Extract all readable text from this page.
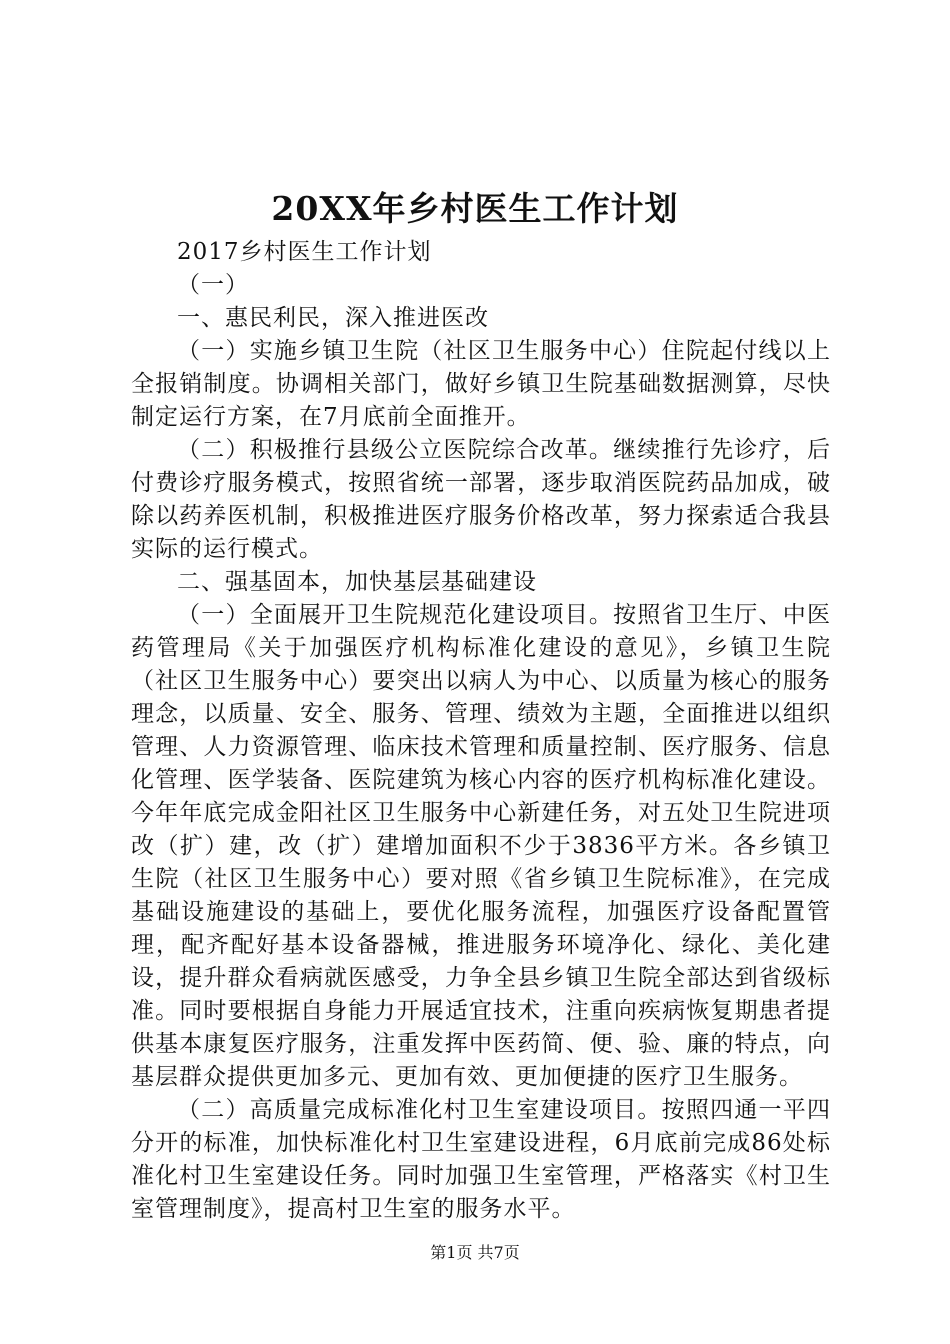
20XX年乡村医生工作计划

2017乡村医生工作计划

（一）

一、惠民利民，深入推进医改

（一）实施乡镇卫生院（社区卫生服务中心）住院起付线以上全报销制度。协调相关部门，做好乡镇卫生院基础数据测算，尽快制定运行方案，在7月底前全面推开。

（二）积极推行县级公立医院综合改革。继续推行先诊疗，后付费诊疗服务模式，按照省统一部署，逐步取消医院药品加成，破除以药养医机制，积极推进医疗服务价格改革，努力探索适合我县实际的运行模式。

二、强基固本，加快基层基础建设

（一）全面展开卫生院规范化建设项目。按照省卫生厅、中医药管理局《关于加强医疗机构标准化建设的意见》，乡镇卫生院（社区卫生服务中心）要突出以病人为中心、以质量为核心的服务理念，以质量、安全、服务、管理、绩效为主题，全面推进以组织管理、人力资源管理、临床技术管理和质量控制、医疗服务、信息化管理、医学装备、医院建筑为核心内容的医疗机构标准化建设。今年年底完成金阳社区卫生服务中心新建任务，对五处卫生院进项改（扩）建，改（扩）建增加面积不少于3836平方米。各乡镇卫生院（社区卫生服务中心）要对照《省乡镇卫生院标准》，在完成基础设施建设的基础上，要优化服务流程，加强医疗设备配置管理，配齐配好基本设备器械，推进服务环境净化、绿化、美化建设，提升群众看病就医感受，力争全县乡镇卫生院全部达到省级标准。同时要根据自身能力开展适宜技术，注重向疾病恢复期患者提供基本康复医疗服务，注重发挥中医药简、便、验、廉的特点，向基层群众提供更加多元、更加有效、更加便捷的医疗卫生服务。

（二）高质量完成标准化村卫生室建设项目。按照四通一平四分开的标准，加快标准化村卫生室建设进程，6月底前完成86处标准化村卫生室建设任务。同时加强卫生室管理，严格落实《村卫生室管理制度》，提高村卫生室的服务水平。

第1页 共7页
